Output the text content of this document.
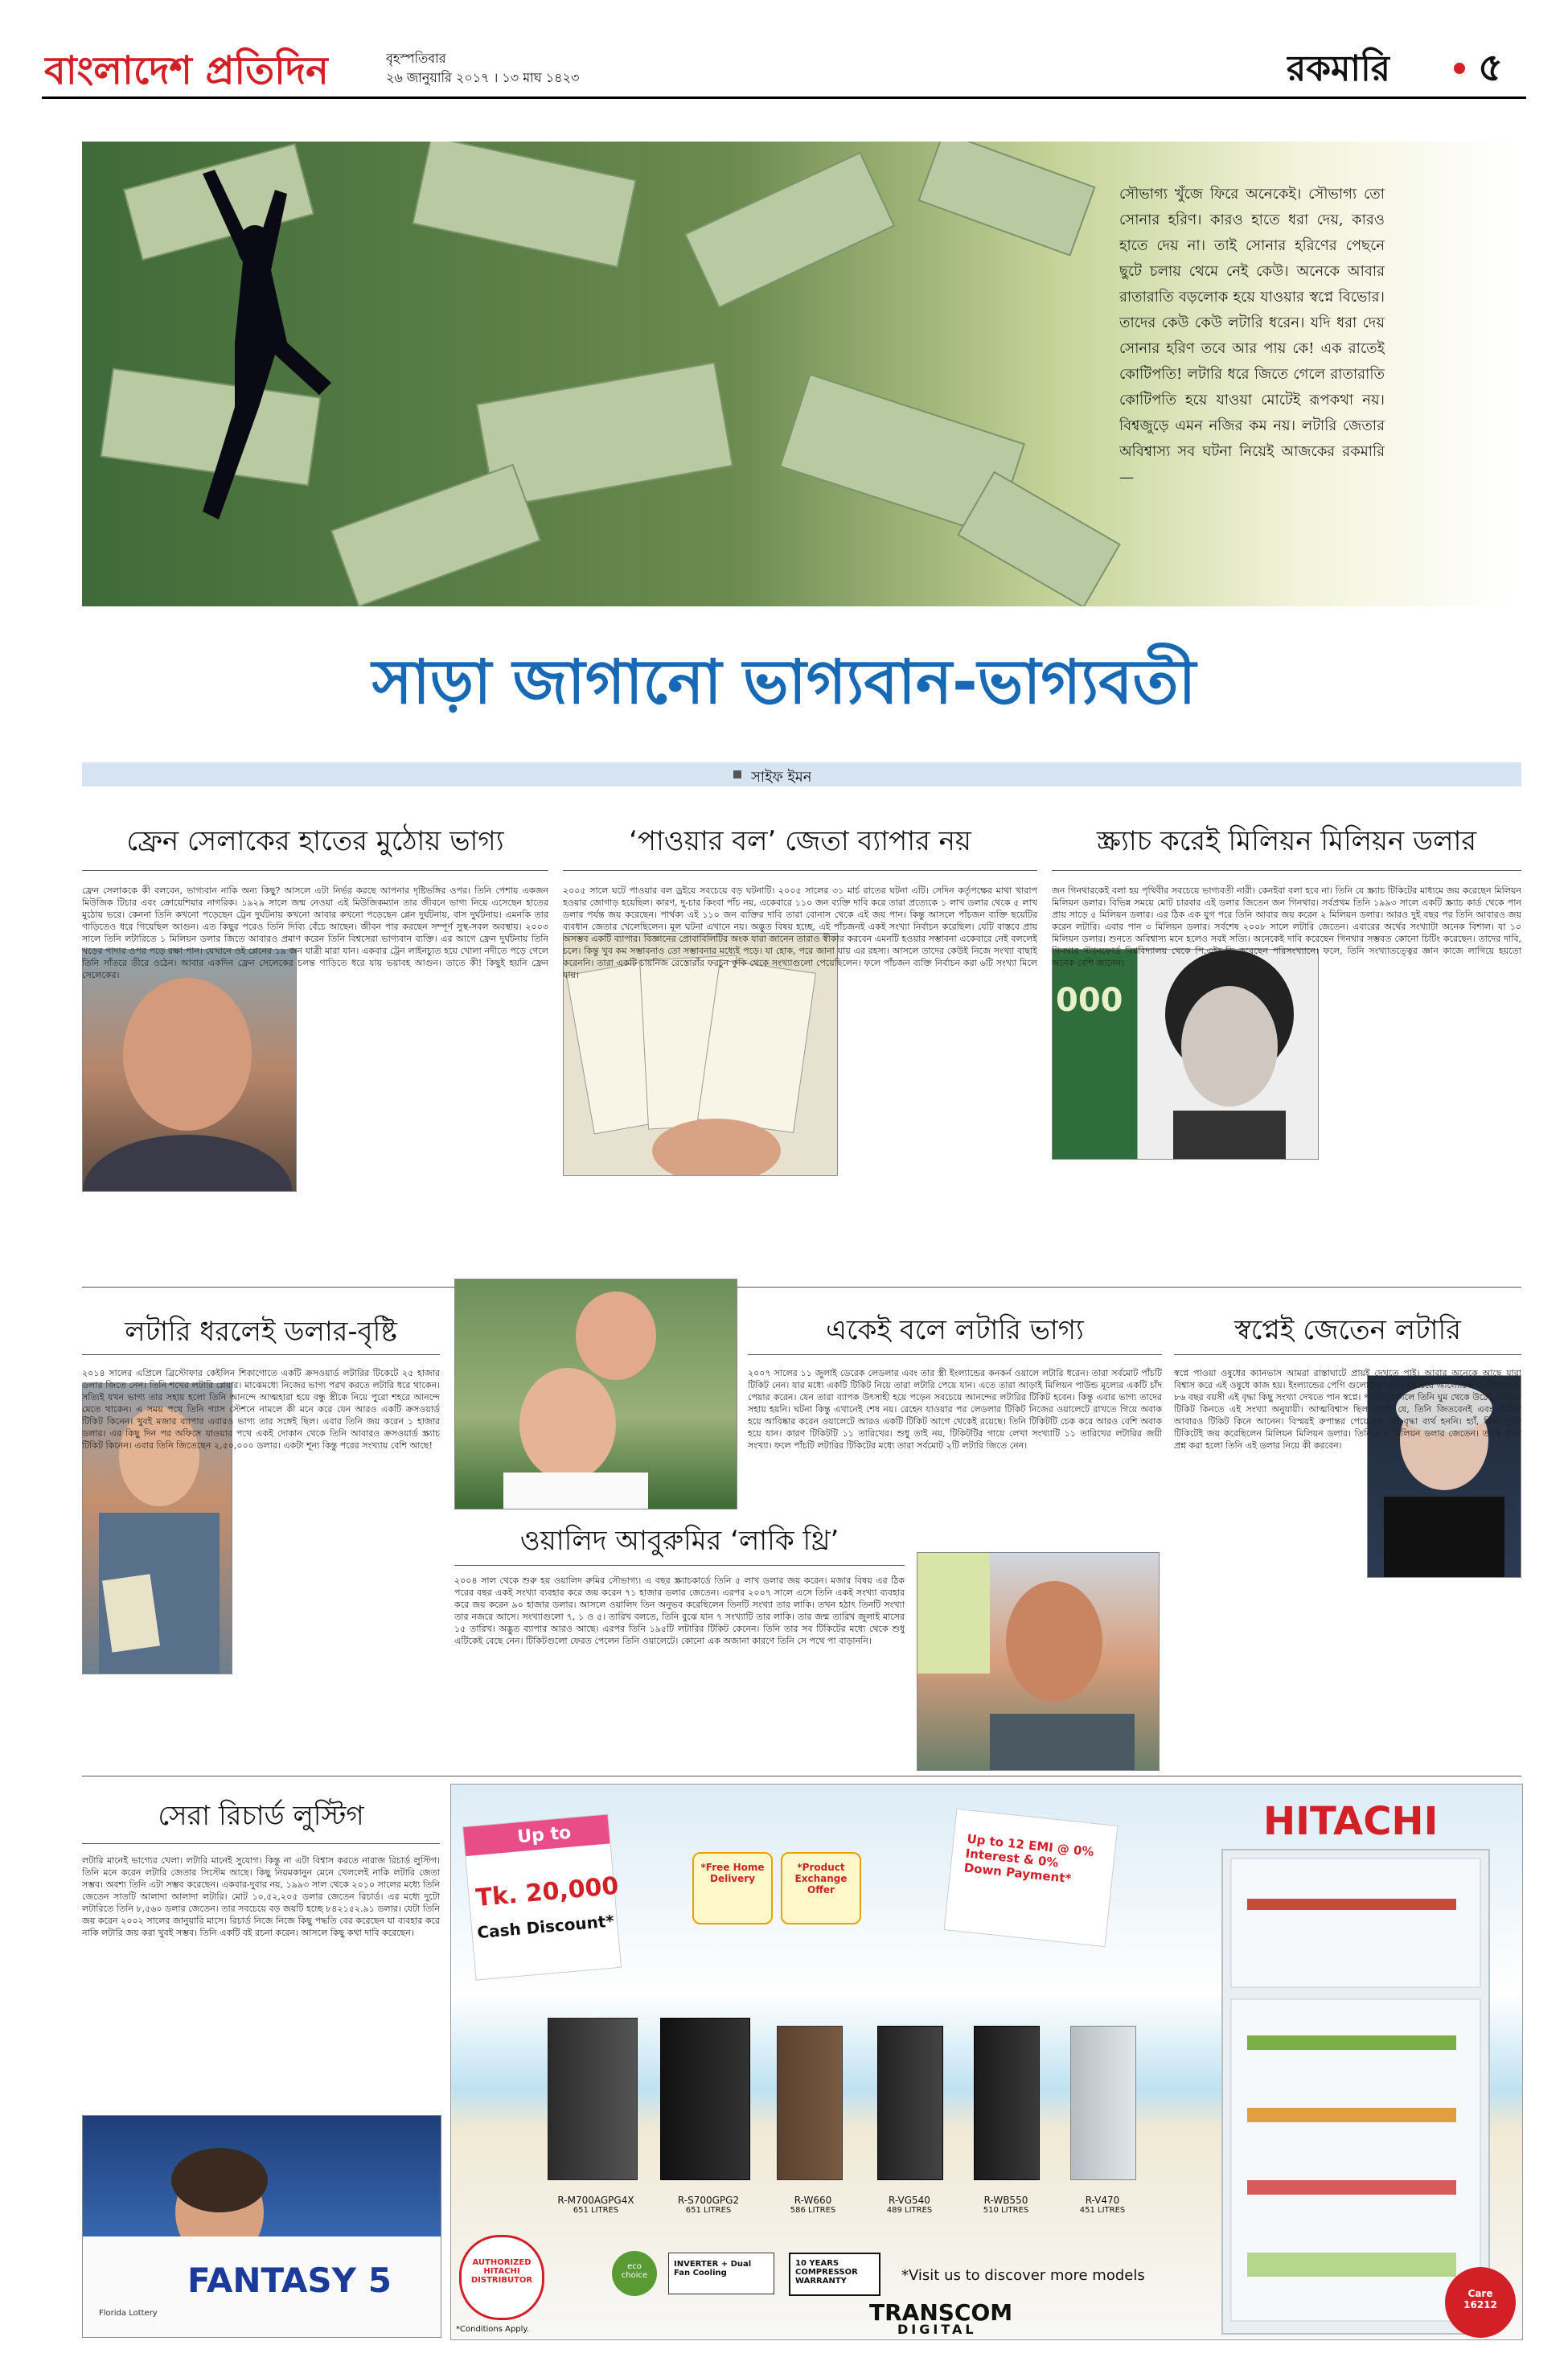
বাংলাদেশ প্রতিদিন	বৃহস্পতিবার
২৬ জানুয়ারি ২০১৭ । ১৩ মাঘ ১৪২৩	রকমারি ৫
সৌভাগ্য খুঁজে ফিরে অনেকেই। সৌভাগ্য তো সোনার হরিণ। কারও হাতে ধরা দেয়, কারও হাতে দেয় না। তাই সোনার হরিণের পেছনে ছুটে চলায় থেমে নেই কেউ। অনেকে আবার রাতারাতি বড়লোক হয়ে যাওয়ার স্বপ্নে বিভোর। তাদের কেউ কেউ লটারি ধরেন। যদি ধরা দেয় সোনার হরিণ তবে আর পায় কে! এক রাতেই কোটিপতি! লটারি ধরে জিতে গেলে রাতারাতি কোটিপতি হয়ে যাওয়া মোটেই রূপকথা নয়। বিশ্বজুড়ে এমন নজির কম নয়। লটারি জেতার অবিশ্বাস্য সব ঘটনা নিয়েই আজকের রকমারি—
সাড়া জাগানো ভাগ্যবান-ভাগ্যবতী
সাইফ ইমন
ফ্রেন সেলাকের হাতের মুঠোয় ভাগ্য
ফ্রেন সেলাককে কী বলবেন, ভাগ্যবান নাকি অন্য কিছু? আসলে এটা নির্ভর করছে আপনার দৃষ্টিভঙ্গির ওপর। তিনি পেশায় একজন মিউজিক টিচার এবং ক্রোয়েশিয়ার নাগরিক। ১৯২৯ সালে জন্ম নেওয়া এই মিউজিকম্যান তার জীবনে ভাগ্য নিয়ে এসেছেন হাতের মুঠোয় ভরে। কেননা তিনি কখনো পড়েছেন ট্রেন দুর্ঘটনায় কখনো আবার কখনো পড়েছেন প্লেন দুর্ঘটনায়, বাস দুর্ঘটনায়। এমনকি তার গাড়িতেও ধরে গিয়েছিল আগুন। এত কিছুর পরেও তিনি দিব্যি বেঁচে আছেন। জীবন পার করছেন সম্পূর্ণ সুস্থ-সবল অবস্থায়। ২০০৩ সালে তিনি লটারিতে ১ মিলিয়ন ডলার জিতে আবারও প্রমাণ করেন তিনি বিশ্বসেরা ভাগ্যবান ব্যক্তি। এর আগে ফ্রেন দুর্ঘটনায় তিনি খড়ের গাদার ওপর পড়ে রক্ষা পান। যেখানে ওই প্লেনের ১৯ জন যাত্রী মারা যান। একবার ট্রেন লাইনচ্যুত হয়ে খোলা নদীতে পড়ে গেলে তিনি সাঁতরে তীরে ওঠেন। আবার একদিন ফ্রেন সেলেকের চলন্ত গাড়িতে ধরে যায় ভয়াবহ আগুন। তাতে কী! কিছুই হয়নি ফ্রেন সেলেকের।
‘পাওয়ার বল’ জেতা ব্যাপার নয়
২০০৫ সালে ঘটে পাওয়ার বল ড্রইয়ে সবচেয়ে বড় ঘটনাটি। ২০০৫ সালের ৩১ মার্চ রাতের ঘটনা এটি। সেদিন কর্তৃপক্ষের মাথা খারাপ হওয়ার জোগাড় হয়েছিল। কারণ, দু-চার কিংবা পাঁচ নয়, একেবারে ১১০ জন ব্যক্তি দাবি করে তারা প্রত্যেকে ১ লাখ ডলার থেকে ৫ লাখ ডলার পর্যন্ত জয় করেছেন। পার্থক্য এই ১১০ জন ব্যক্তির দাবি তারা বোনাস থেকে এই জয় পান। কিন্তু আসলে পাঁচজন ব্যক্তি ছয়েটির ব্যবধান জেতার খেলেছিলেন। মূল ঘটনা এখানে নয়। অদ্ভুত বিষয় হচ্ছে, এই পাঁচজনই একই সংখ্যা নির্বাচন করেছিল। যেটি বাস্তবে প্রায় অসম্ভব একটি ব্যাপার। বিজ্ঞানের প্রোবাবিলিটির অংক যারা জানেন তারাও স্বীকার করবেন এমনটি হওয়ার সম্ভাবনা একেবারে নেই বললেই চলে। কিন্তু খুব কম সম্ভাবনাও তো সম্ভাবনার মধ্যেই পড়ে। যা হোক, পরে জানা যায় এর রহস্য। আসলে তাদের কেউই নিজে সংখ্যা বাছাই করেননি। তারা একটি চায়নিজ রেস্তোরাঁর ফরচুন কুকি থেকে সংখ্যাগুলো পেয়েছিলেন। ফলে পাঁচজন ব্যক্তি নির্বাচন করা ৬টি সংখ্যা মিলে যায়।
স্ক্র্যাচ করেই মিলিয়ন মিলিয়ন ডলার
000
জন গিনথারকেই বলা হয় পৃথিবীর সবচেয়ে ভাগ্যবতী নারী। কেনইবা বলা হবে না। তিনি যে স্ক্র্যাচ টিকিটের মাধ্যমে জয় করেছেন মিলিয়ন মিলিয়ন ডলার। বিভিন্ন সময়ে মোট চারবার এই ডলার জিতেন জন গিনথার। সর্বপ্রথম তিনি ১৯৯৩ সালে একটি স্ক্র্যাচ কার্ড থেকে পান প্রায় সাড়ে ৫ মিলিয়ন ডলার। এর ঠিক এক যুগ পরে তিনি আবার জয় করেন ২ মিলিয়ন ডলার। আরও দুই বছর পর তিনি আবারও জয় করেন লটারি। এবার পান ৩ মিলিয়ন ডলার। সর্বশেষ ২০০৮ সালে লটারি জেতেন। এবারের অর্থের সংখ্যাটা অনেক বিশাল। যা ১০ মিলিয়ন ডলার। শুনতে অবিশ্বাস্য মনে হলেও সবই সত্যি। অনেকেই দাবি করেছেন গিনথার সম্ভবত কোনো চিটিং করেছেন। তাদের দাবি, গিনথার স্ট্যানফোর্ড বিশ্ববিদ্যালয় থেকে পি.এইচ.ডি করেছেন পরিসংখ্যানে। ফলে, তিনি সংখ্যাতত্ত্বের জ্ঞান কাজে লাগিয়ে হয়তো অনেক বেশি জানেন।
লটারি ধরলেই ডলার-বৃষ্টি
২০১৪ সালের এপ্রিলে ব্রিস্টোফার কেইলিন শিকাগোতে একটি ক্রসওয়ার্ড লটারির টিকেটে ২৫ হাজার ডলার জিতে নেন। তিনি শখের লটারি প্লেয়ার। মাঝেমধ্যে নিজের ভাগ্য পরখ করতে লটারি ধরে থাকেন। সত্যিই যখন ভাগ্য তার সহায় হলো তিনি আনন্দে আত্মহারা হয়ে বন্ধু স্ত্রীকে নিয়ে পুরো শহরে আনন্দে মেতে থাকেন। এ সময় পথে তিনি গ্যাস স্টেশনে নামলে কী মনে করে যেন আরও একটি ক্রসওয়ার্ড টিকিট কিনেন। খুবই মজার ব্যাপার এবারও ভাগ্য তার সঙ্গেই ছিল। এবার তিনি জয় করেন ১ হাজার ডলার। এর কিছু দিন পর অফিসে যাওয়ার পথে একই দোকান থেকে তিনি আবারও ক্রসওয়ার্ড স্ক্র্যাচ টিকিট কিনেন। এবার তিনি জিতেছেন ২,৫০,০০০ ডলার। একটা শূন্য কিন্তু পরের সংখ্যায় বেশি আছে!
একেই বলে লটারি ভাগ্য
২০০৭ সালের ১১ জুলাই ডেরেক লেডলার এবং তার স্ত্রী ইংল্যান্ডের কনকর্ন ওয়ালে লটারি ধরেন। তারা সর্বমোট পাঁচটি টিকিট নেন। যার মধ্যে একটি টিকিট নিয়ে তারা লটারি পেয়ে যান। এতে তারা আড়াই মিলিয়ন পাউন্ড মূল্যের একটি চাঁদ পেয়ার করেন। যেন তারা ব্যাপক উৎসাহী হয়ে পড়েন সবচেয়ে আনন্দের লটারির টিকিট হবেন। কিন্তু এবার ভাগ্য তাদের সহায় হয়নি। ঘটনা কিন্তু এখানেই শেষ নয়। রেহেন যাওয়ার পর লেডলার টিকিট নিজের ওয়ালেটে রাখতে গিয়ে অবাক হয়ে আবিষ্কার করেন ওয়ালেটে আরও একটি টিকিট আগে থেকেই রয়েছে। তিনি টিকিটটি চেক করে আরও বেশি অবাক হয়ে যান। কারণ টিকিটটি ১১ তারিখের। শুধু তাই নয়, টিকিটটির গায়ে লেখা সংখ্যাটি ১১ তারিখের লটারির জয়ী সংখ্যা। ফলে পাঁচটি লটারির টিকিটের মধ্যে তারা সর্বমোট ২টি লটারি জিতে নেন।
ওয়ালিদ আবুরুমির ‘লাকি থ্রি’
২০০৪ সাল থেকে শুরু হয় ওয়ালিদ রুমির সৌভাগ্য। এ বছর স্ক্র্যাচকার্ডে তিনি ৫ লাখ ডলার জয় করেন। মজার বিষয় এর ঠিক পরের বছর একই সংখ্যা ব্যবহার করে জয় করেন ৭১ হাজার ডলার জেতেন। এরপর ২০০৭ সালে এসে তিনি একই সংখ্যা ব্যবহার করে জয় করেন ৯০ হাজার ডলার। আসলে ওয়ালিদ তিন অনুভব করেছিলেন তিনটি সংখ্যা তার লাকি। তখন হঠাৎ তিনটি সংখ্যা তার নজরে আসে। সংখ্যাগুলো ৭, ১ ও ৫। তারিখ বলতে, তিনি বুঝে যান ৭ সংখ্যাটি তার লাকি। তার জন্ম তারিখ জুলাই মাসের ১৫ তারিখ। অদ্ভুত ব্যাপার আরও আছে। এরপর তিনি ১৯৫টি লটারির টিকিট কেনেন। তিনি তার সব টিকিটের মধ্যে থেকে শুধু এটিকেই বেছে নেন। টিকিটগুলো ফেরত পেলেন তিনি ওয়ালেটে। কোনো এক অজানা কারণে তিনি সে পথে পা বাড়াননি।
স্বপ্নেই জেতেন লটারি
স্বপ্নে পাওয়া ওষুধের ক্যানভাস আমরা রাস্তাঘাটে প্রায়ই দেখতে পাই। আবার অনেকে আছে যারা বিশ্বাস করে এই ওষুধে কাজ হয়। ইংল্যান্ডের পেগি গুলোচের ঘটনা সবচেয়ে আলোচিত ও বিশ্বাসকর। ৮৬ বছর বয়সী এই বৃদ্ধা কিছু সংখ্যা দেখতে পান স্বপ্নে। পরদিন সকালে তিনি ঘুম থেকে উঠেই লটারির টিকিট কিনতে এই সংখ্যা অনুযায়ী। আত্মবিশ্বাস ছিল যথেষ্ট যে, তিনি জিতবেনই এবং পরদিন আবারও টিকিট কিনে আনেন। বিস্ময়ই রুপান্তর পেয়েছেন এই বৃদ্ধা ব্যর্থ হননি। হ্যাঁ, তিনি দুটো টিকিটেই জয় করেছিলেন মিলিয়ন মিলিয়ন ডলার। তিনি ৭.৫ মিলিয়ন ডলার জেতেন। তাকে যখন প্রশ্ন করা হলো তিনি এই ডলার নিয়ে কী করবেন।
সেরা রিচার্ড লুস্টিগ
লটারি মানেই ভাগ্যের খেলা। লটারি মানেই সুযোগ। কিন্তু না এটা বিশ্বাস করতে নারাজ রিচার্ড লুস্টিগ। তিনি মনে করেন লটারি জেতার সিস্টেম আছে। কিছু নিয়মকানুন মেনে খেললেই নাকি লটারি জেতা সম্ভব। অবশ্য তিনি এটা সম্ভব করেছেন। একবার-দুবার নয়, ১৯৯৩ সাল থেকে ২০১০ সালের মধ্যে তিনি জেতেন সাতটি আলাদা আলাদা লটারি। মোট ১০,৫২,২০৫ ডলার জেতেন রিচার্ড। এর মধ্যে দুটো লটারিতে তিনি ৮,৫৬০ ডলার জেতেন। তার সবচেয়ে বড় জয়টি হচ্ছে ৮৪২১৫২.৯১ ডলার। যেটা তিনি জয় করেন ২০০২ সালের জানুয়ারি মাসে। রিচার্ড নিজে নিজে কিছু পদ্ধতি বের করেছেন যা ব্যবহার করে নাকি লটারি জয় করা খুবই সম্ভব। তিনি একটি বই রচনা করেন। আসলে কিছু কথা দাবি করেছেন।
Florida Lottery
FANTASY 5
Up to
Tk. 20,000
Cash Discount*
*Free Home Delivery
*Product Exchange Offer
Up to 12 EMI @ 0% Interest & 0% Down Payment*
HITACHI
R-M700AGPG4X
651 LITRES
R-S700GPG2
651 LITRES
R-W660
586 LITRES
R-VG540
489 LITRES
R-WB550
510 LITRES
R-V470
451 LITRES
AUTHORIZED HITACHI DISTRIBUTOR
eco choice
INVERTER + Dual Fan Cooling
10 YEARS COMPRESSOR WARRANTY	*Visit us to discover more models
TRANSCOM
DIGITAL
Care 16212
*Conditions Apply.
